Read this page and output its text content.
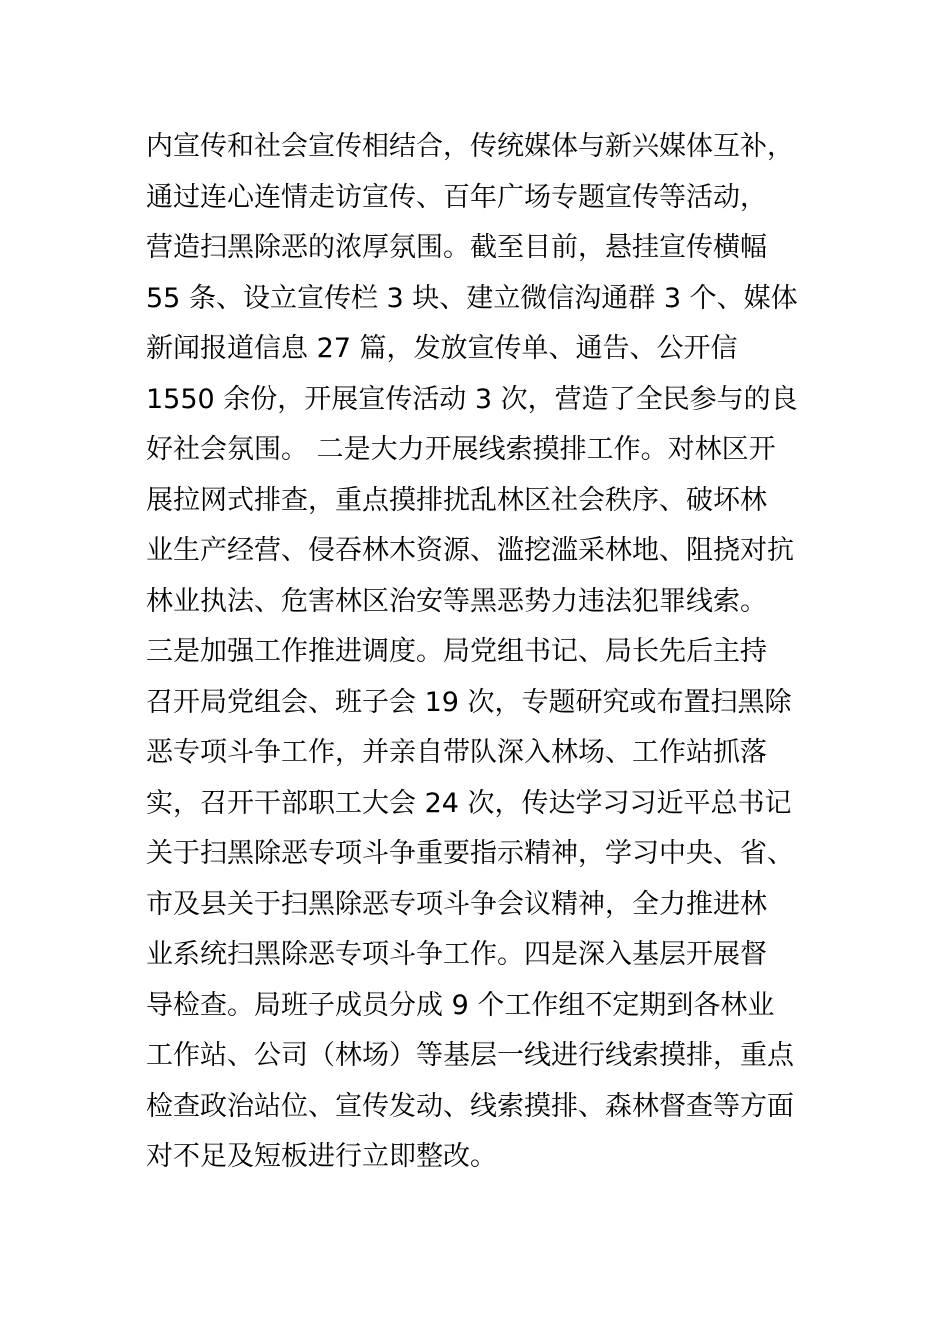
内宣传和社会宣传相结合，传统媒体与新兴媒体互补，
通过连心连情走访宣传、百年广场专题宣传等活动，
营造扫黑除恶的浓厚氛围。截至目前，悬挂宣传横幅
55 条、设立宣传栏 3 块、建立微信沟通群 3 个、媒体
新闻报道信息 27 篇，发放宣传单、通告、公开信
1550 余份，开展宣传活动 3 次，营造了全民参与的良
好社会氛围。 二是大力开展线索摸排工作。对林区开
展拉网式排查，重点摸排扰乱林区社会秩序、破坏林
业生产经营、侵吞林木资源、滥挖滥采林地、阻挠对抗
林业执法、危害林区治安等黑恶势力违法犯罪线索。
三是加强工作推进调度。局党组书记、局长先后主持
召开局党组会、班子会 19 次，专题研究或布置扫黑除
恶专项斗争工作，并亲自带队深入林场、工作站抓落
实，召开干部职工大会 24 次，传达学习习近平总书记
关于扫黑除恶专项斗争重要指示精神，学习中央、省、
市及县关于扫黑除恶专项斗争会议精神，全力推进林
业系统扫黑除恶专项斗争工作。四是深入基层开展督
导检查。局班子成员分成 9 个工作组不定期到各林业
工作站、公司（林场）等基层一线进行线索摸排，重点
检查政治站位、宣传发动、线索摸排、森林督查等方面
对不足及短板进行立即整改。
